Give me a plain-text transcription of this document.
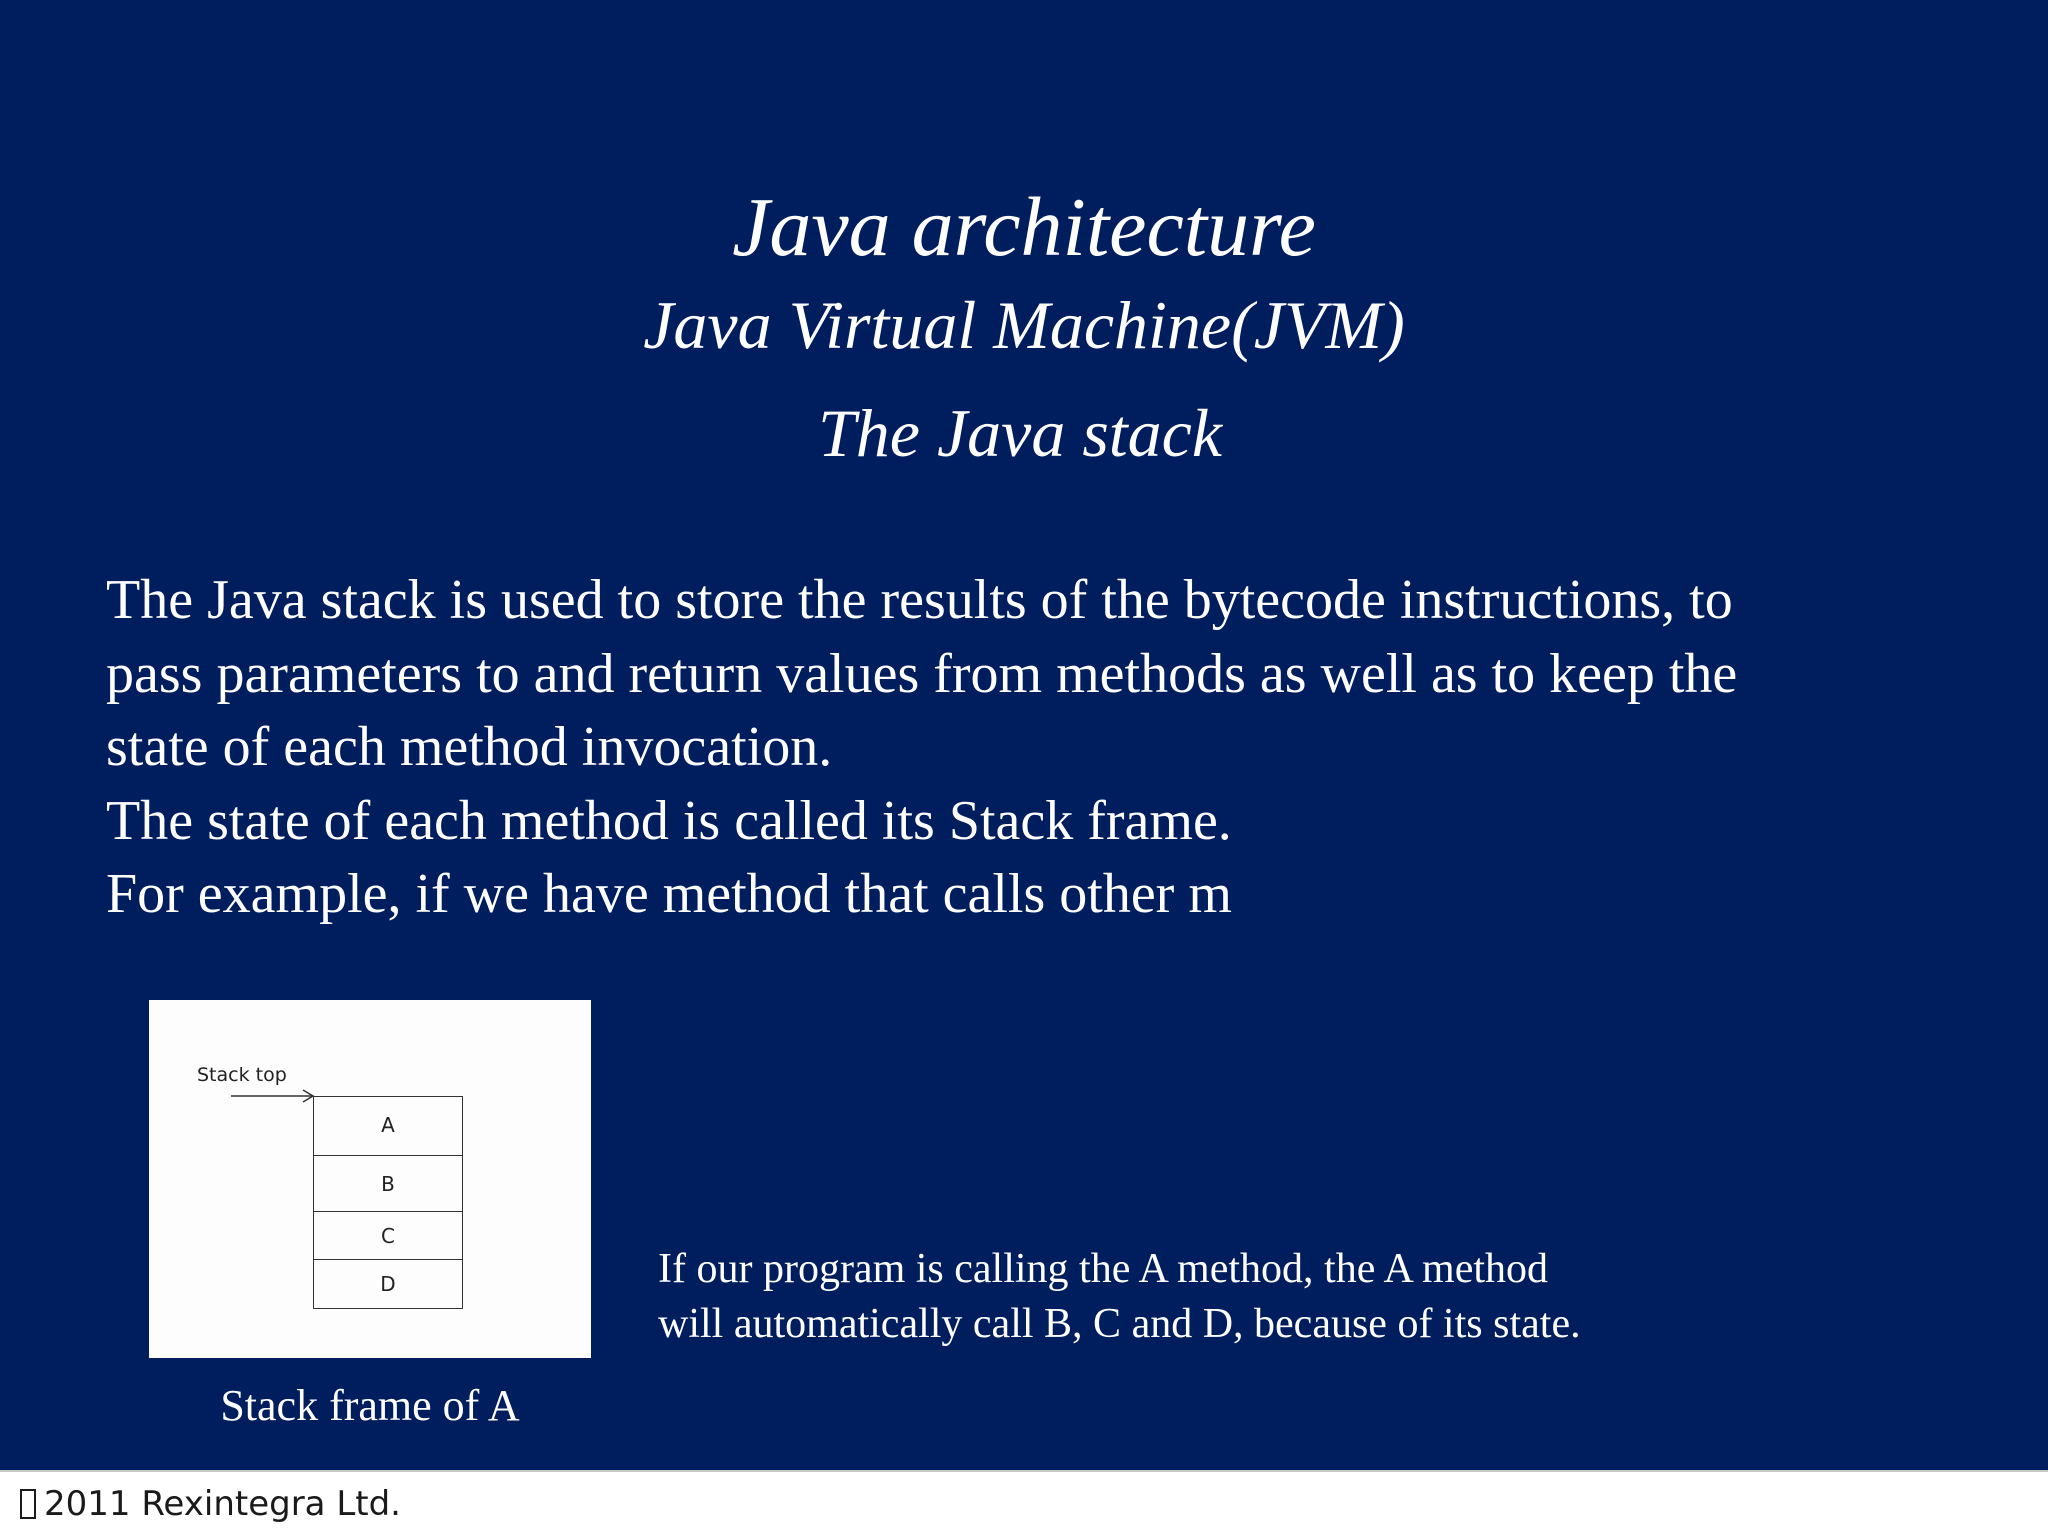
Java architecture
Java Virtual Machine(JVM)
The Java stack

The Java stack is used to store the results of the bytecode instructions, to

pass parameters to and return values from methods as well as to keep the

state of each method invocation.

The state of each method is called its Stack frame.

For example, if we have method that calls other m

Stack top
A
B
C
D
Stack frame of A

If our program is calling the A method, the A method

will automatically call B, C and D, because of its state.

2011 Rexintegra Ltd.
